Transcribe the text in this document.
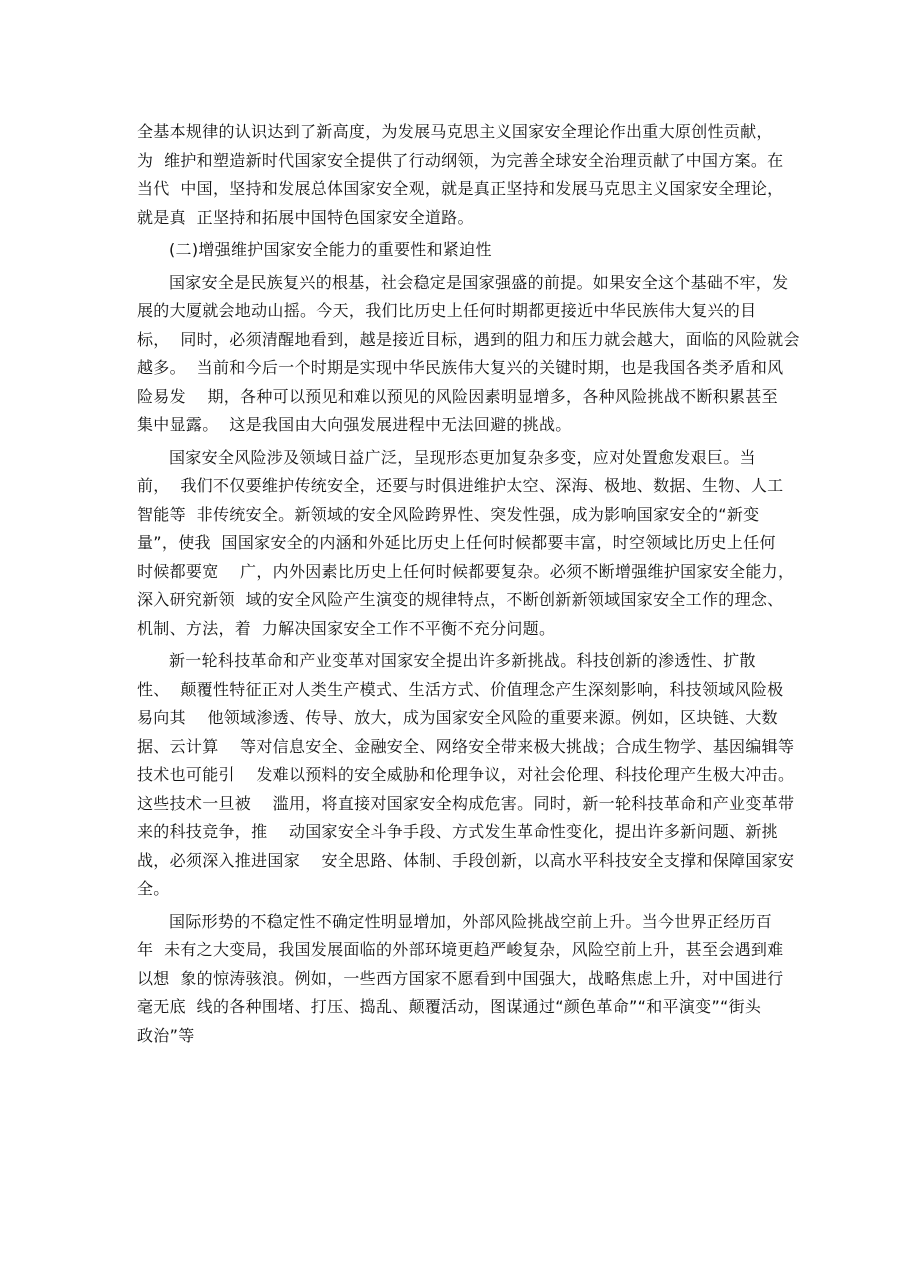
全基本规律的认识达到了新高度，为发展马克思主义国家安全理论作出重大原创性贡献，
为  维护和塑造新时代国家安全提供了行动纲领，为完善全球安全治理贡献了中国方案。在
当代  中国，坚持和发展总体国家安全观，就是真正坚持和发展马克思主义国家安全理论，
就是真  正坚持和拓展中国特色国家安全道路。
(二)增强维护国家安全能力的重要性和紧迫性
国家安全是民族复兴的根基，社会稳定是国家强盛的前提。如果安全这个基础不牢，发
展的大厦就会地动山摇。今天，我们比历史上任何时期都更接近中华民族伟大复兴的目
标，  同时，必须清醒地看到，越是接近目标，遇到的阻力和压力就会越大，面临的风险就会
越多。  当前和今后一个时期是实现中华民族伟大复兴的关键时期，也是我国各类矛盾和风
险易发    期，各种可以预见和难以预见的风险因素明显增多，各种风险挑战不断积累甚至
集中显露。  这是我国由大向强发展进程中无法回避的挑战。
国家安全风险涉及领域日益广泛，呈现形态更加复杂多变，应对处置愈发艰巨。当
前，  我们不仅要维护传统安全，还要与时俱进维护太空、深海、极地、数据、生物、人工
智能等  非传统安全。新领域的安全风险跨界性、突发性强，成为影响国家安全的“新变
量”，使我  国国家安全的内涵和外延比历史上任何时候都要丰富，时空领域比历史上任何
时候都要宽    广，内外因素比历史上任何时候都要复杂。必须不断增强维护国家安全能力，
深入研究新领  域的安全风险产生演变的规律特点，不断创新新领域国家安全工作的理念、
机制、方法，着  力解决国家安全工作不平衡不充分问题。
新一轮科技革命和产业变革对国家安全提出许多新挑战。科技创新的渗透性、扩散
性、  颠覆性特征正对人类生产模式、生活方式、价值理念产生深刻影响，科技领域风险极
易向其    他领域渗透、传导、放大，成为国家安全风险的重要来源。例如，区块链、大数
据、云计算    等对信息安全、金融安全、网络安全带来极大挑战；合成生物学、基因编辑等
技术也可能引    发难以预料的安全威胁和伦理争议，对社会伦理、科技伦理产生极大冲击。
这些技术一旦被    滥用，将直接对国家安全构成危害。同时，新一轮科技革命和产业变革带
来的科技竞争，推    动国家安全斗争手段、方式发生革命性变化，提出许多新问题、新挑
战，必须深入推进国家    安全思路、体制、手段创新，以高水平科技安全支撑和保障国家安
全。
国际形势的不稳定性不确定性明显增加，外部风险挑战空前上升。当今世界正经历百
年  未有之大变局，我国发展面临的外部环境更趋严峻复杂，风险空前上升，甚至会遇到难
以想  象的惊涛骇浪。例如，一些西方国家不愿看到中国强大，战略焦虑上升，对中国进行
毫无底  线的各种围堵、打压、捣乱、颠覆活动，图谋通过“颜色革命”“和平演变”“街头
政治”等
